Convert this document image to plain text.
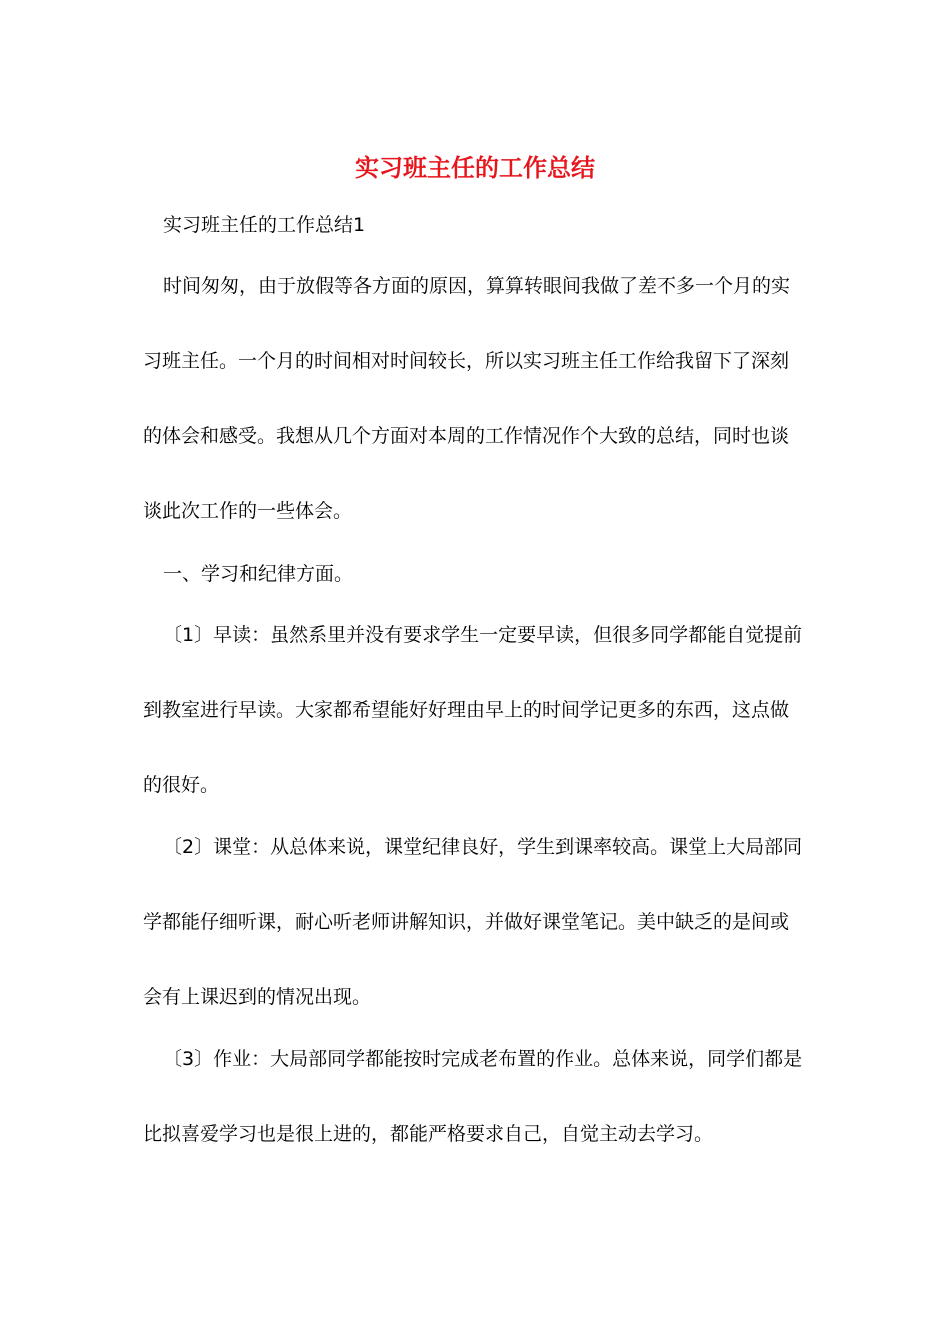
实习班主任的工作总结
实习班主任的工作总结1
时间匆匆，由于放假等各方面的原因，算算转眼间我做了差不多一个月的实
习班主任。一个月的时间相对时间较长，所以实习班主任工作给我留下了深刻
的体会和感受。我想从几个方面对本周的工作情况作个大致的总结，同时也谈
谈此次工作的一些体会。
一、学习和纪律方面。
〔1〕早读：虽然系里并没有要求学生一定要早读，但很多同学都能自觉提前
到教室进行早读。大家都希望能好好理由早上的时间学记更多的东西，这点做
的很好。
〔2〕课堂：从总体来说，课堂纪律良好，学生到课率较高。课堂上大局部同
学都能仔细听课，耐心听老师讲解知识，并做好课堂笔记。美中缺乏的是间或
会有上课迟到的情况出现。
〔3〕作业：大局部同学都能按时完成老布置的作业。总体来说，同学们都是
比拟喜爱学习也是很上进的，都能严格要求自己，自觉主动去学习。
